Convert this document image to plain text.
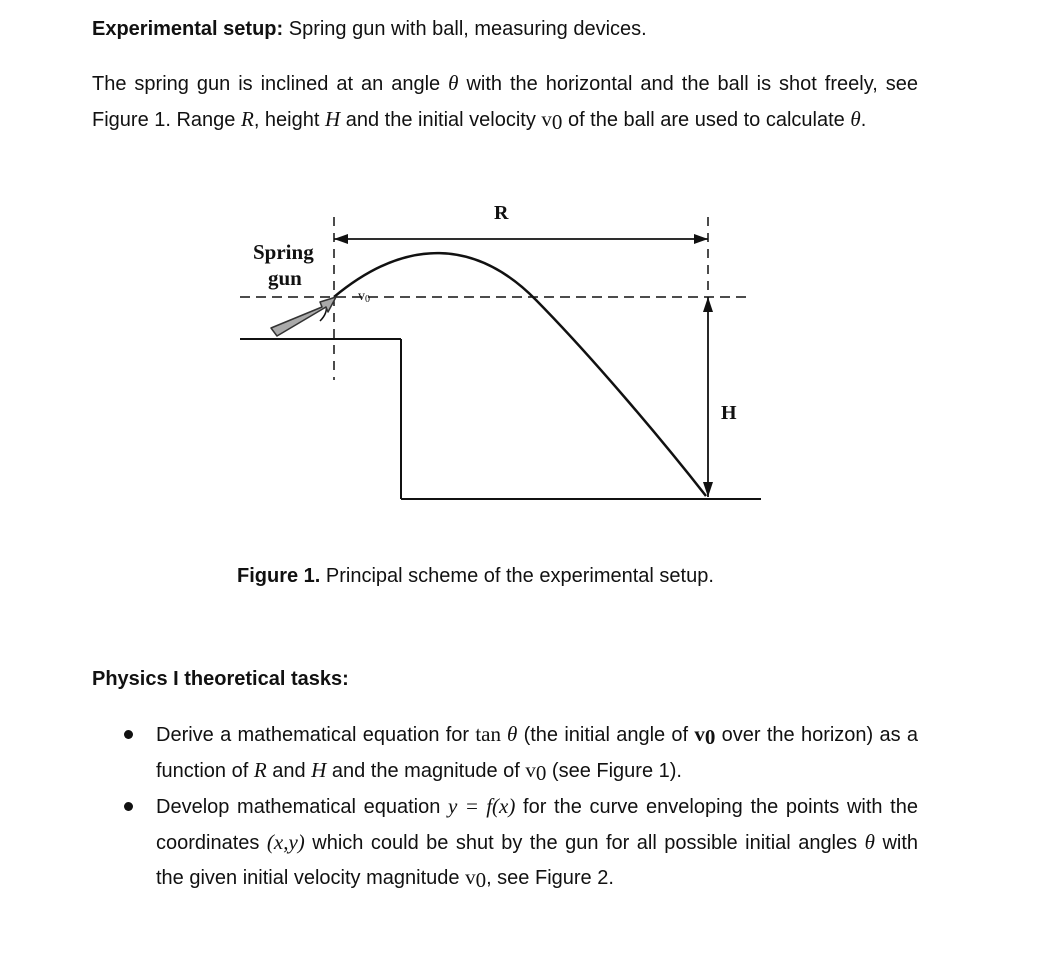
Experimental setup: Spring gun with ball, measuring devices.
The spring gun is inclined at an angle θ with the horizontal and the ball is shot freely, see Figure 1. Range R, height H and the initial velocity $v_0$ of the ball are used to calculate θ.
R
H
Spring
gun
v0
Figure 1. Principal scheme of the experimental setup.
Physics I theoretical tasks:
Derive a mathematical equation for tan θ (the initial angle of $v_0$ over the horizon) as a function of R and H and the magnitude of $v_0$ (see Figure 1).
Develop mathematical equation y = f(x) for the curve enveloping the points with the coordinates (x,y) which could be shut by the gun for all possible initial angles θ with the given initial velocity magnitude $v_0$, see Figure 2.
